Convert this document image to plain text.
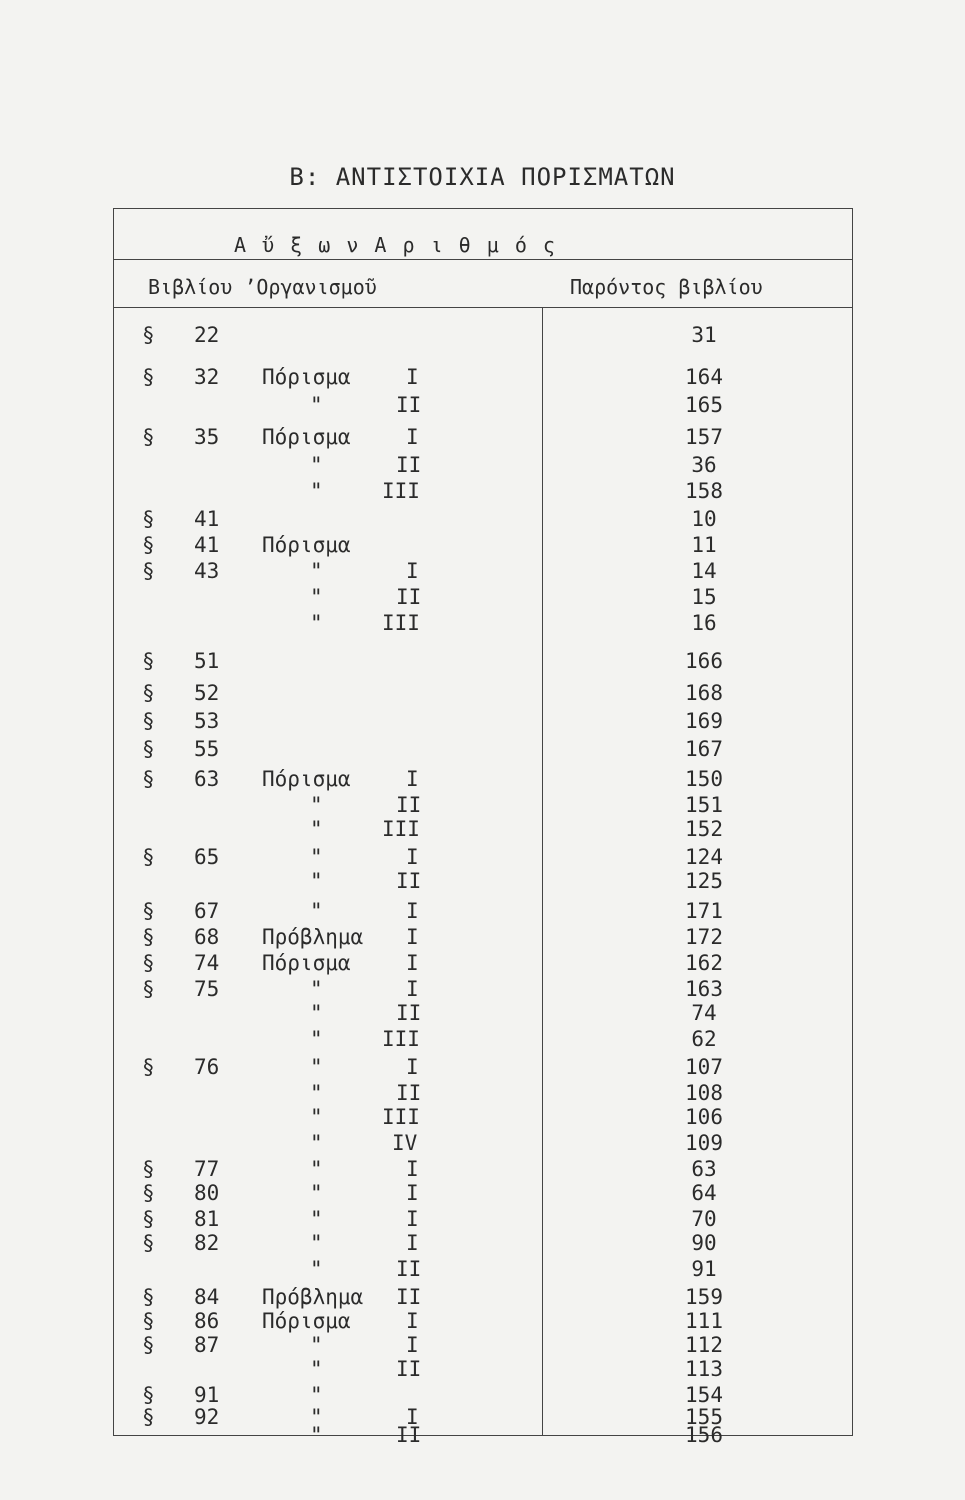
Β: ΑΝΤΙΣΤΟΙΧΙΑ ΠΟΡΙΣΜΑΤΩΝ
Α ὔ ξ ω ν Α ρ ι θ μ ό ς
Βιβλίου ʼΟργανισμοῦ	Παρόντος βιβλίου
§ 22	31
§ 32 Πόρισμα	I	164
"	II	165
§ 35 Πόρισμα	I	157
"	II	36
"	III	158
§ 41	10
§ 41 Πόρισμα	11
§ 43	"	I	14
"	II	15
"	III	16
§ 51	166
§ 52	168
§ 53	169
§ 55	167
§ 63 Πόρισμα	I	150
"	II	151
"	III	152
§ 65	"	I	124
"	II	125
§ 67	"	I	171
§ 68 Πρόβλημα I	172
§ 74 Πόρισμα	I	162
§ 75	"	I	163
"	II	74
"	III	62
§ 76	"	I	107
"	II	108
"	III	106
"	IV	109
§ 77	"	I	63
§ 80	"	I	64
§ 81	"	I	70
§ 82	"	I	90
"	II	91
§ 84 Πρόβλημα II	159
§ 86 Πόρισμα	I	111
§ 87	"	I	112
"	II	113
§ 91	"	154
§ 92	"	I	155
"	II	156
